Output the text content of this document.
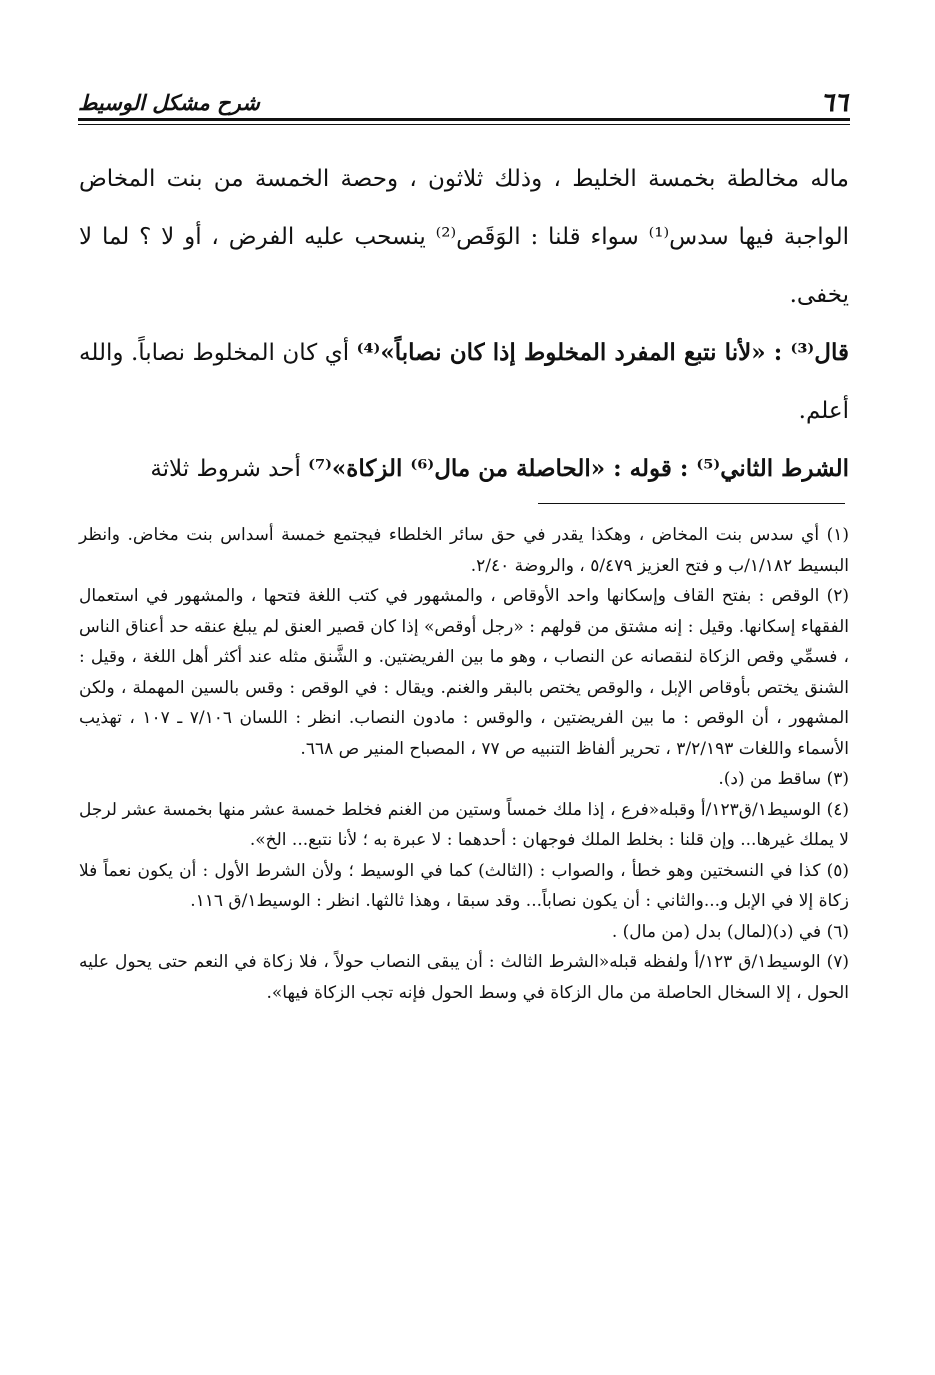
٦٦
شرح مشكل الوسيط

ماله مخالطة بخمسة الخليط ، وذلك ثلاثون ، وحصة الخمسة من بنت المخاض الواجبة فيها سدس⁽¹⁾ سواء قلنا : الوَقَص⁽²⁾ ينسحب عليه الفرض ، أو لا ؟ لما لا يخفى.

قال⁽³⁾ : «لأنا نتبع المفرد المخلوط إذا كان نصاباً»⁽⁴⁾ أي كان المخلوط نصاباً. والله أعلم.

الشرط الثاني⁽⁵⁾ : قوله : «الحاصلة من مال⁽⁶⁾ الزكاة»⁽⁷⁾ أحد شروط ثلاثة

(١) أي سدس بنت المخاض ، وهكذا يقدر في حق سائر الخلطاء فيجتمع خمسة أسداس بنت مخاض. وانظر البسيط ١/١٨٢/ب و فتح العزيز ٥/٤٧٩ ، والروضة ٢/٤٠.

(٢) الوقص : بفتح القاف وإسكانها واحد الأوقاص ، والمشهور في كتب اللغة فتحها ، والمشهور في استعمال الفقهاء إسكانها. وقيل : إنه مشتق من قولهم : «رجل أوقص» إذا كان قصير العنق لم يبلغ عنقه حد أعناق الناس ، فسمِّي وقص الزكاة لنقصانه عن النصاب ، وهو ما بين الفريضتين. و الشَّنق مثله عند أكثر أهل اللغة ، وقيل : الشنق يختص بأوقاص الإبل ، والوقص يختص بالبقر والغنم. ويقال : في الوقص : وقس بالسين المهملة ، ولكن المشهور ، أن الوقص : ما بين الفريضتين ، والوقس : مادون النصاب. انظر : اللسان ٧/١٠٦ ـ ١٠٧ ، تهذيب الأسماء واللغات ٣/٢/١٩٣ ، تحرير ألفاظ التنبيه ص ٧٧ ، المصباح المنير ص ٦٦٨.

(٣) ساقط من (د).

(٤) الوسيط١/ق١٢٣/أ وقبله«فرع ، إذا ملك خمساً وستين من الغنم فخلط خمسة عشر منها بخمسة عشر لرجل لا يملك غيرها... وإن قلنا : بخلط الملك فوجهان : أحدهما : لا عبرة به ؛ لأنا نتبع... الخ».

(٥) كذا في النسختين وهو خطأ ، والصواب : (الثالث) كما في الوسيط ؛ ولأن الشرط الأول : أن يكون نعماً فلا زكاة إلا في الإبل و...والثاني : أن يكون نصاباً... وقد سبقا ، وهذا ثالثها. انظر : الوسيط١/ق ١١٦.

(٦) في (د)(لمال) بدل (من مال) .

(٧) الوسيط١/ق ١٢٣/أ ولفظه قبله«الشرط الثالث : أن يبقى النصاب حولاً ، فلا زكاة في النعم حتى يحول عليه الحول ، إلا السخال الحاصلة من مال الزكاة في وسط الحول فإنه تجب الزكاة فيها».
